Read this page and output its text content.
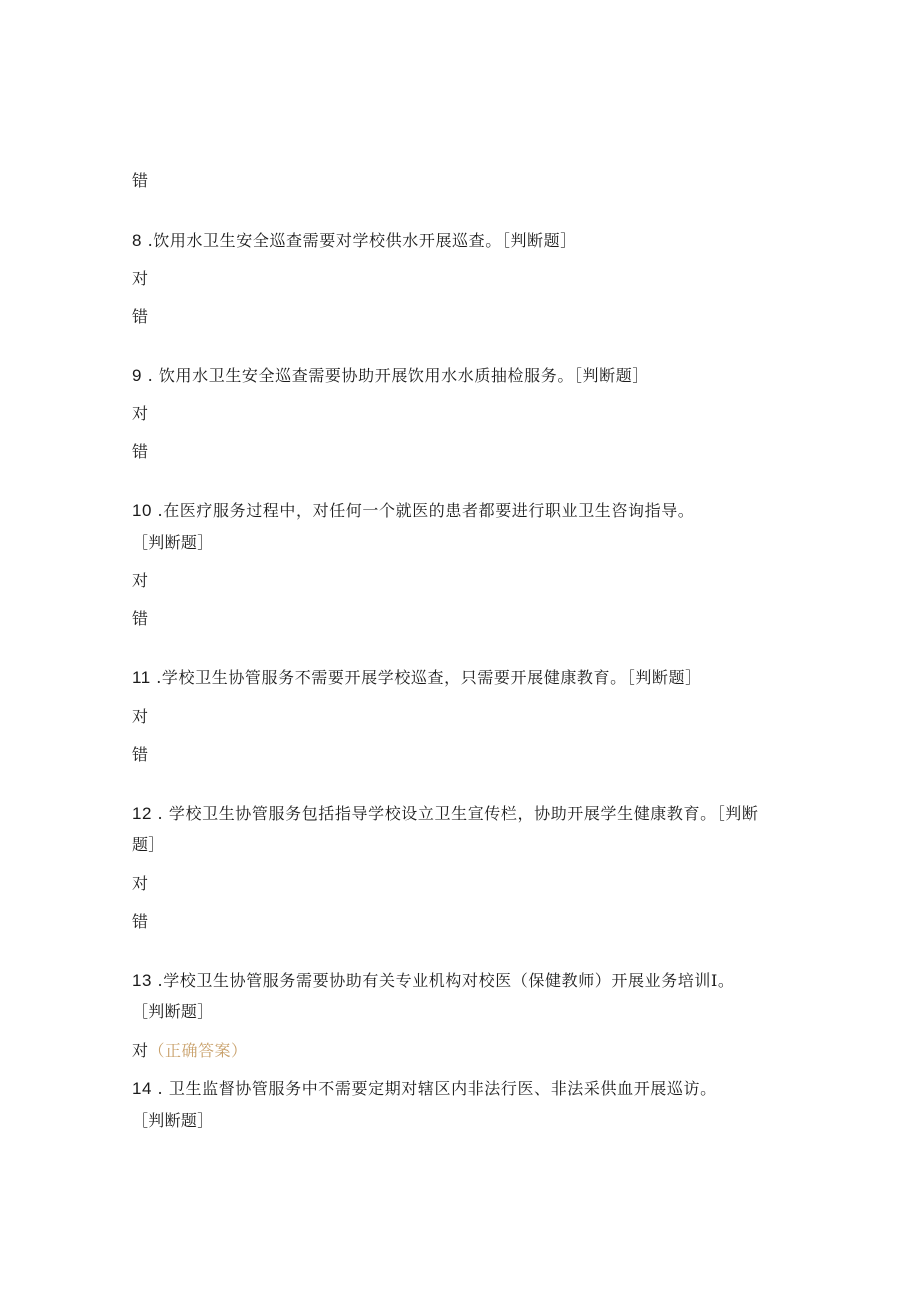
错
8 .饮用水卫生安全巡查需要对学校供水开展巡查。［判断题］
对
错
9 . 饮用水卫生安全巡查需要协助开展饮用水水质抽检服务。［判断题］
对
错
10 .在医疗服务过程中，对任何一个就医的患者都要进行职业卫生咨询指导。
［判断题］
对
错
11 .学校卫生协管服务不需要开展学校巡查，只需要开展健康教育。［判断题］
对
错
12 . 学校卫生协管服务包括指导学校设立卫生宣传栏，协助开展学生健康教育。［判断
题］
对
错
13 .学校卫生协管服务需要协助有关专业机构对校医（保健教师）开展业务培训I。
［判断题］
对（正确答案）
14 . 卫生监督协管服务中不需要定期对辖区内非法行医、非法采供血开展巡访。
［判断题］
